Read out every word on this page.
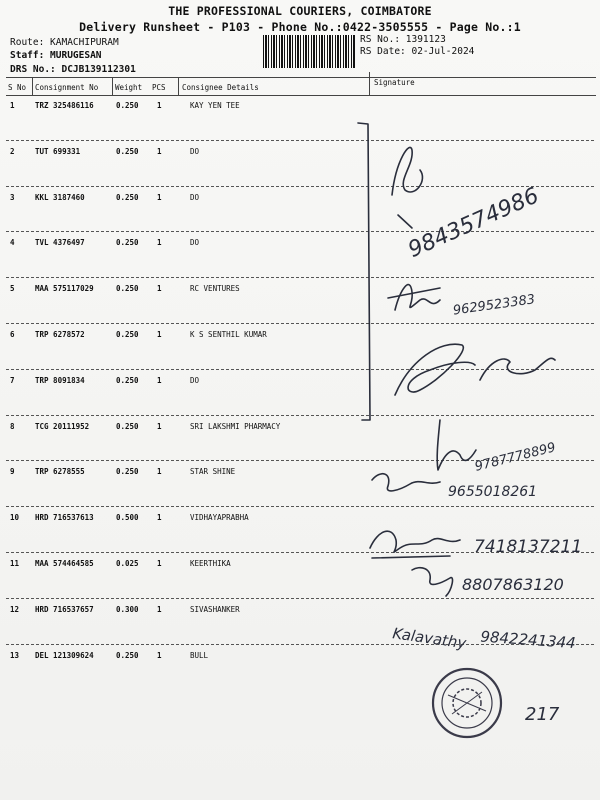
THE PROFESSIONAL COURIERS, COIMBATORE
Delivery Runsheet - P103 - Phone No.:0422-3505555 - Page No.:1
Route: KAMACHIPURAM
Staff: MURUGESAN
DRS No.: DCJB139112301
RS No.: 1391123
RS Date: 02-Jul-2024
S No Consignment No Weight PCS Consignee Details
Signature
1	TRZ 325486116	0.250 1	KAY YEN TEE
2	TUT 699331	0.250 1	DO
3	KKL 3187460	0.250 1	DO
4	TVL 4376497	0.250 1	DO
5	MAA 575117029	0.250 1	RC VENTURES
6	TRP 6278572	0.250 1	K S SENTHIL KUMAR
7	TRP 8091834	0.250 1	DO
8	TCG 20111952	0.250 1	SRI LAKSHMI PHARMACY
9	TRP 6278555	0.250 1	STAR SHINE
10 HRD 716537613	0.500 1	VIDHAYAPRABHA
11 MAA 574464585	0.025 1	KEERTHIKA
12 HRD 716537657	0.300 1	SIVASHANKER
13 DEL 121309624	0.250 1	BULL
9843574986
9629523383
9787778899
9655018261
7418137211
8807863120
Kalavathy 9842241344
217
